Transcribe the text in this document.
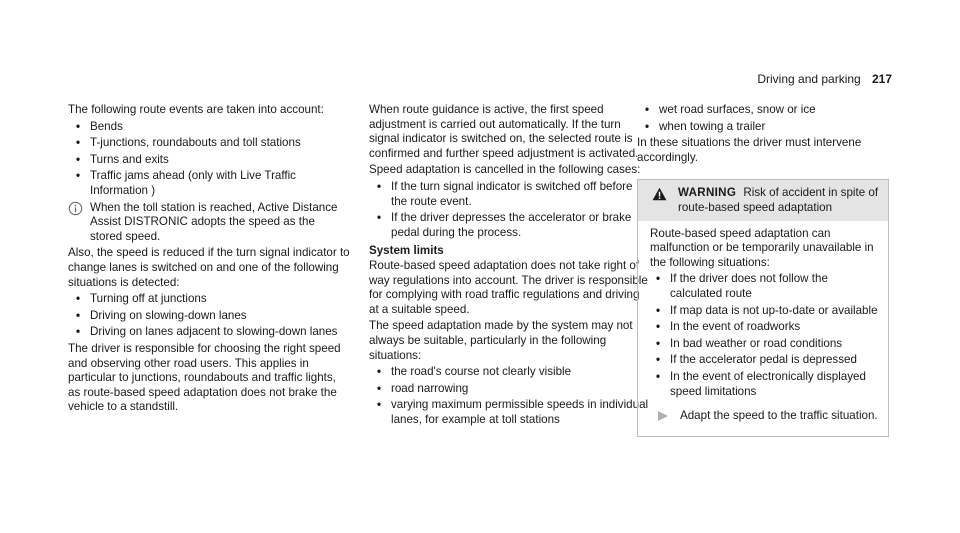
Driving and parking 217

The following route events are taken into account:

• Bends
• T-junctions, roundabouts and toll stations
• Turns and exits
• Traffic jams ahead (only with Live Traffic Information )
When the toll station is reached, Active Distance Assist DISTRONIC adopts the speed as the stored speed.

Also, the speed is reduced if the turn signal indicator to change lanes is switched on and one of the following situations is detected:

• Turning off at junctions
• Driving on slowing-down lanes
• Driving on lanes adjacent to slowing-down lanes

The driver is responsible for choosing the right speed and observing other road users. This applies in particular to junctions, roundabouts and traffic lights, as route-based speed adaptation does not brake the vehicle to a standstill.

When route guidance is active, the first speed adjustment is carried out automatically. If the turn signal indicator is switched on, the selected route is confirmed and further speed adjustment is activated.

Speed adaptation is cancelled in the following cases:

• If the turn signal indicator is switched off before the route event.
• If the driver depresses the accelerator or brake pedal during the process.

System limits

Route-based speed adaptation does not take right of way regulations into account. The driver is responsible for complying with road traffic regulations and driving at a suitable speed.

The speed adaptation made by the system may not always be suitable, particularly in the following situations:

• the road's course not clearly visible
• road narrowing
• varying maximum permissible speeds in individual lanes, for example at toll stations
• wet road surfaces, snow or ice
• when towing a trailer

In these situations the driver must intervene accordingly.

WARNING Risk of accident in spite of route-based speed adaptation

Route-based speed adaptation can malfunction or be temporarily unavailable in the following situations:

• If the driver does not follow the calculated route
• If map data is not up-to-date or available
• In the event of roadworks
• In bad weather or road conditions
• If the accelerator pedal is depressed
• In the event of electronically displayed speed limitations
Adapt the speed to the traffic situation.
